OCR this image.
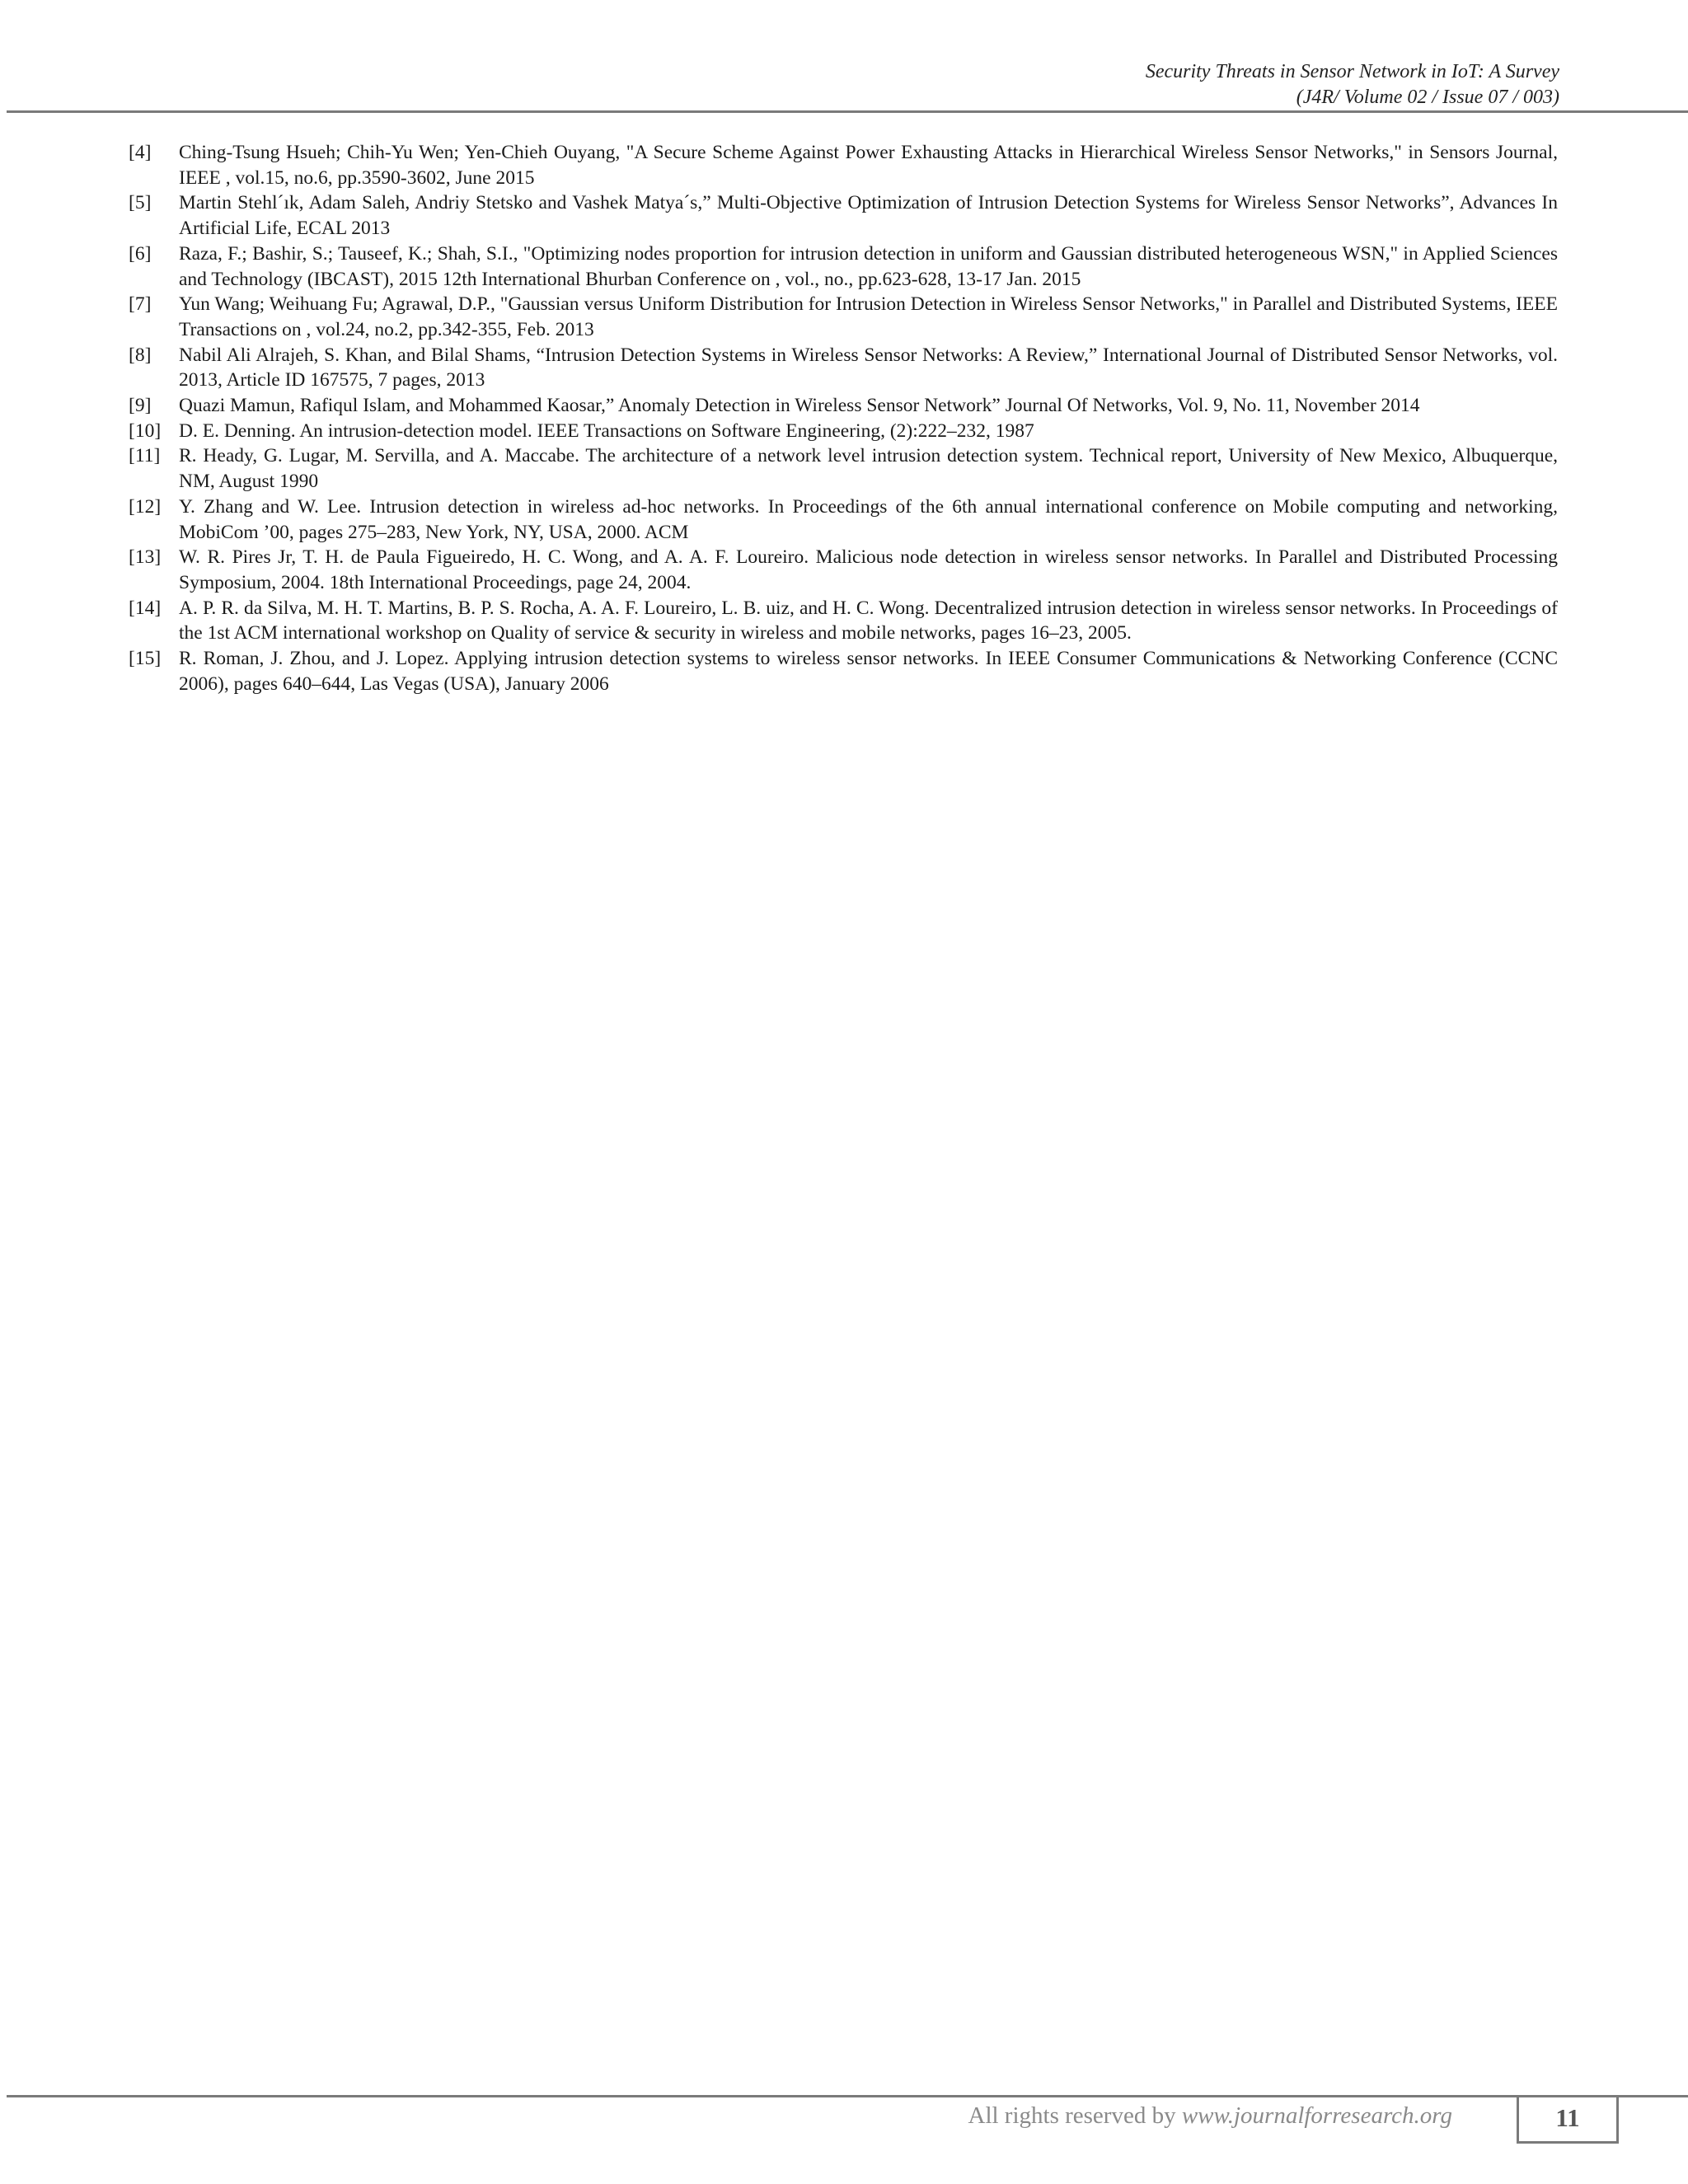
Security Threats in Sensor Network in IoT: A Survey
(J4R/ Volume 02 / Issue 07 / 003)
[4] Ching-Tsung Hsueh; Chih-Yu Wen; Yen-Chieh Ouyang, "A Secure Scheme Against Power Exhausting Attacks in Hierarchical Wireless Sensor Networks," in Sensors Journal, IEEE , vol.15, no.6, pp.3590-3602, June 2015
[5] Martin Stehl´ık, Adam Saleh, Andriy Stetsko and Vashek Matya´s,” Multi-Objective Optimization of Intrusion Detection Systems for Wireless Sensor Networks”, Advances In Artificial Life, ECAL 2013
[6] Raza, F.; Bashir, S.; Tauseef, K.; Shah, S.I., "Optimizing nodes proportion for intrusion detection in uniform and Gaussian distributed heterogeneous WSN," in Applied Sciences and Technology (IBCAST), 2015 12th International Bhurban Conference on , vol., no., pp.623-628, 13-17 Jan. 2015
[7] Yun Wang; Weihuang Fu; Agrawal, D.P., "Gaussian versus Uniform Distribution for Intrusion Detection in Wireless Sensor Networks," in Parallel and Distributed Systems, IEEE Transactions on , vol.24, no.2, pp.342-355, Feb. 2013
[8] Nabil Ali Alrajeh, S. Khan, and Bilal Shams, “Intrusion Detection Systems in Wireless Sensor Networks: A Review,” International Journal of Distributed Sensor Networks, vol. 2013, Article ID 167575, 7 pages, 2013
[9] Quazi Mamun, Rafiqul Islam, and Mohammed Kaosar,” Anomaly Detection in Wireless Sensor Network” Journal Of Networks, Vol. 9, No. 11, November 2014
[10] D. E. Denning. An intrusion-detection model. IEEE Transactions on Software Engineering, (2):222–232, 1987
[11] R. Heady, G. Lugar, M. Servilla, and A. Maccabe. The architecture of a network level intrusion detection system. Technical report, University of New Mexico, Albuquerque, NM, August 1990
[12] Y. Zhang and W. Lee. Intrusion detection in wireless ad-hoc networks. In Proceedings of the 6th annual international conference on Mobile computing and networking, MobiCom ’00, pages 275–283, New York, NY, USA, 2000. ACM
[13] W. R. Pires Jr, T. H. de Paula Figueiredo, H. C. Wong, and A. A. F. Loureiro. Malicious node detection in wireless sensor networks. In Parallel and Distributed Processing Symposium, 2004. 18th International Proceedings, page 24, 2004.
[14] A. P. R. da Silva, M. H. T. Martins, B. P. S. Rocha, A. A. F. Loureiro, L. B. uiz, and H. C. Wong. Decentralized intrusion detection in wireless sensor networks. In Proceedings of the 1st ACM international workshop on Quality of service & security in wireless and mobile networks, pages 16–23, 2005.
[15] R. Roman, J. Zhou, and J. Lopez. Applying intrusion detection systems to wireless sensor networks. In IEEE Consumer Communications & Networking Conference (CCNC 2006), pages 640–644, Las Vegas (USA), January 2006
All rights reserved by www.journalforresearch.org	11
